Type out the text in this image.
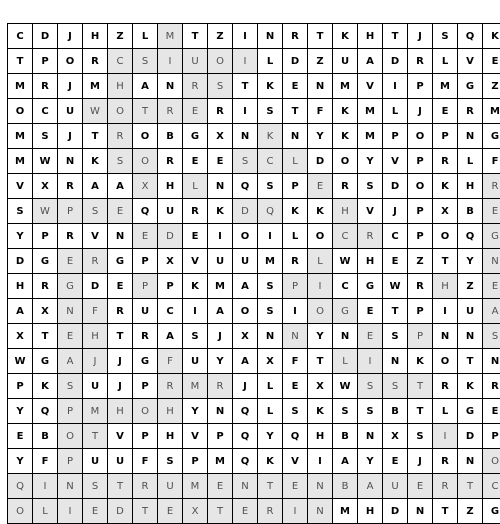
C	D	J	H	Z	L	M	T	Z	I	N	R	T	K	H	T	J	S	Q	K
T	P	O	R	C	S	I	U	O	I	L	D	Z	U	A	D	R	L	V	E
M	R	J	M	H	A	N	R	S	T	K	E	N	M	V	I	P	M	G	Z
O	C	U	W	O	T	R	E	R	I	S	T	F	K	M	L	J	E	R	M
M	S	J	T	R	O	B	G	X	N	K	N	Y	K	M	P	O	P	N	G
M	W	N	K	S	O	R	E	E	S	C	L	D	O	Y	V	P	R	L	F
V	X	R	A	A	X	H	L	N	Q	S	P	E	R	S	D	O	K	H	R
S	W	P	S	E	Q	U	R	K	D	Q	K	K	H	V	J	P	X	B	E
Y	P	R	V	N	E	D	E	I	O	I	L	O	C	R	C	P	O	Q	G
D	G	E	R	G	P	X	V	U	U	M	R	L	W	H	E	Z	T	Y	N
H	R	G	D	E	P	P	K	M	A	S	P	I	C	G	W	R	H	Z	E
A	X	N	F	R	U	C	I	A	O	S	I	O	G	E	T	P	I	U	A
X	T	E	H	T	R	A	S	J	X	N	N	Y	N	E	S	P	N	N	S
W	G	A	J	J	G	F	U	Y	A	X	F	T	L	I	N	K	O	T	N
P	K	S	U	J	P	R	M	R	J	L	E	X	W	S	S	T	R	K	R
Y	Q	P	M	H	O	H	Y	N	Q	L	S	K	S	S	B	T	L	G	E
E	B	O	T	V	P	H	V	P	Q	Y	Q	H	B	N	X	S	I	D	P
Y	F	P	U	U	F	S	P	M	Q	K	V	I	A	Y	E	J	R	N	O
Q	I	N	S	T	R	U	M	E	N	T	E	N	B	A	U	E	R	T	C
O	L	I	E	D	T	E	X	T	E	R	I	N	M	H	D	N	T	Z	G
